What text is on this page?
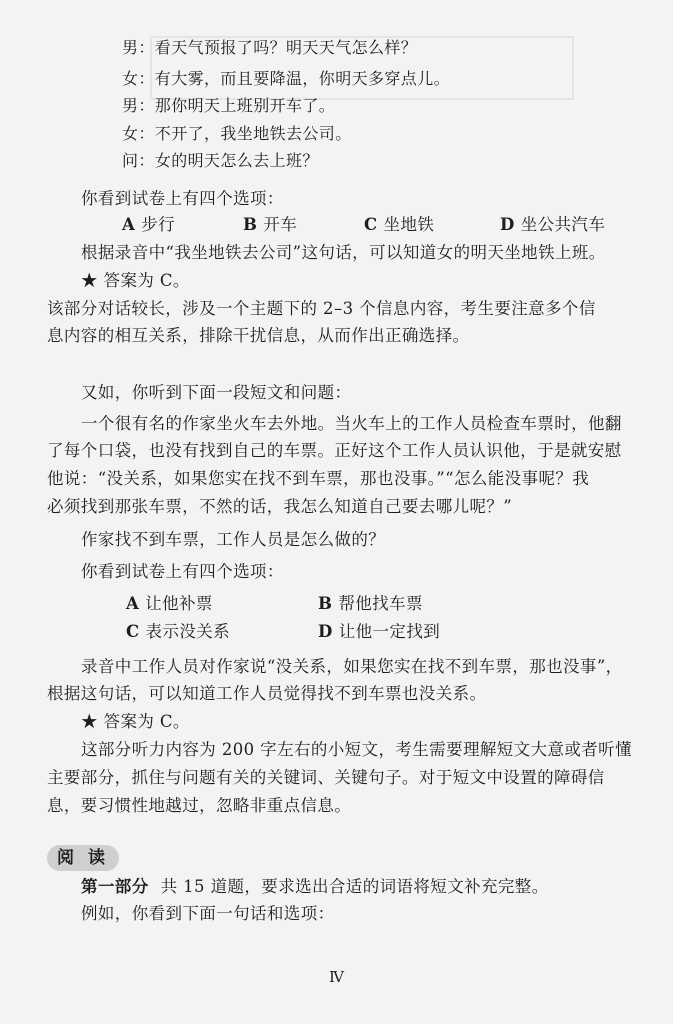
男：看天气预报了吗？明天天气怎么样？
女：有大雾，而且要降温，你明天多穿点儿。
男：那你明天上班别开车了。
女：不开了，我坐地铁去公司。
问：女的明天怎么去上班？
你看到试卷上有四个选项：
A 步行	B 开车	C 坐地铁	D 坐公共汽车
根据录音中“我坐地铁去公司”这句话，可以知道女的明天坐地铁上班。
★ 答案为 C。
该部分对话较长，涉及一个主题下的 2–3 个信息内容，考生要注意多个信
息内容的相互关系，排除干扰信息，从而作出正确选择。
又如，你听到下面一段短文和问题：
一个很有名的作家坐火车去外地。当火车上的工作人员检查车票时，他翻
了每个口袋，也没有找到自己的车票。正好这个工作人员认识他，于是就安慰
他说：“没关系，如果您实在找不到车票，那也没事。”“怎么能没事呢？我
必须找到那张车票，不然的话，我怎么知道自己要去哪儿呢？”
作家找不到车票，工作人员是怎么做的？
你看到试卷上有四个选项：
A 让他补票	B 帮他找车票
C 表示没关系	D 让他一定找到
录音中工作人员对作家说“没关系，如果您实在找不到车票，那也没事”，
根据这句话，可以知道工作人员觉得找不到车票也没关系。
★ 答案为 C。
这部分听力内容为 200 字左右的小短文，考生需要理解短文大意或者听懂
主要部分，抓住与问题有关的关键词、关键句子。对于短文中设置的障碍信
息，要习惯性地越过，忽略非重点信息。
阅 读
第一部分 共 15 道题，要求选出合适的词语将短文补充完整。
例如，你看到下面一句话和选项：
Ⅳ
